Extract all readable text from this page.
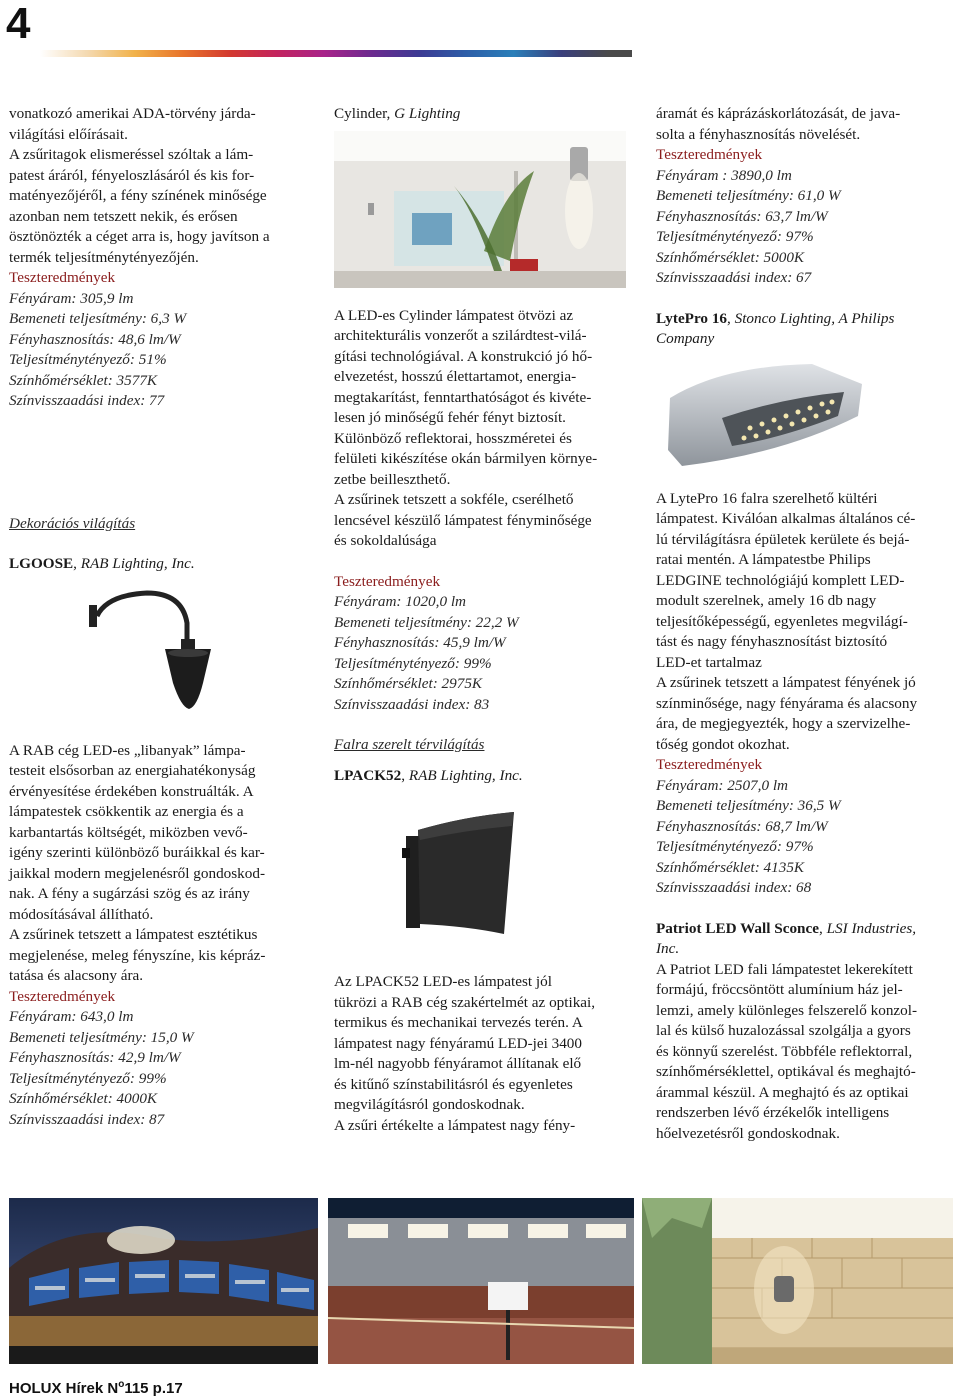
4
vonatkozó amerikai ADA-törvény járda-
világítási előírásait.
A zsűritagok elismeréssel szóltak a lám-
patest áráról, fényeloszlásáról és kis for-
matényezőjéről, a fény színének minősége
azonban nem tetszett nekik, és erősen
ösztönözték a céget arra is, hogy javítson a
termék teljesítménytényezőjén.
Teszteredmények
Fényáram: 305,9 lm
Bemeneti teljesítmény: 6,3 W
Fényhasznosítás: 48,6 lm/W
Teljesítménytényező: 51%
Színhőmérséklet: 3577K
Színvisszaadási index: 77
Dekorációs világítás
LGOOSE, RAB Lighting, Inc.
A RAB cég LED-es „libanyak” lámpa-
testeit elsősorban az energiahatékonyság
érvényesítése érdekében konstruálták. A
lámpatestek csökkentik az energia és a
karbantartás költségét, miközben vevő-
igény szerinti különböző buráikkal és kar-
jaikkal modern megjelenésről gondoskod-
nak. A fény a sugárzási szög és az irány
módosításával állítható.
A zsűrinek tetszett a lámpatest esztétikus
megjelenése, meleg fényszíne, kis képráz-
tatása és alacsony ára.
Teszteredmények
Fényáram: 643,0 lm
Bemeneti teljesítmény: 15,0 W
Fényhasznosítás: 42,9 lm/W
Teljesítménytényező: 99%
Színhőmérséklet: 4000K
Színvisszaadási index: 87
Cylinder, G Lighting
A LED-es Cylinder lámpatest ötvözi az
architekturális vonzerőt a szilárdtest-vilá-
gítási technológiával. A konstrukció jó hő-
elvezetést, hosszú élettartamot, energia-
megtakarítást, fenntarthatóságot és kivéte-
lesen jó minőségű fehér fényt biztosít.
Különböző reflektorai, hosszméretei és
felületi kikészítése okán bármilyen környe-
zetbe beilleszthető.
A zsűrinek tetszett a sokféle, cserélhető
lencsével készülő lámpatest fényminősége
és sokoldalúsága
Teszteredmények
Fényáram: 1020,0 lm
Bemeneti teljesítmény: 22,2 W
Fényhasznosítás: 45,9 lm/W
Teljesítménytényező: 99%
Színhőmérséklet: 2975K
Színvisszaadási index: 83
Falra szerelt térvilágítás
LPACK52, RAB Lighting, Inc.
Az LPACK52 LED-es lámpatest jól
tükrözi a RAB cég szakértelmét az optikai,
termikus és mechanikai tervezés terén. A
lámpatest nagy fényáramú LED-jei 3400
lm-nél nagyobb fényáramot állítanak elő
és kitűnő színstabilitásról és egyenletes
megvilágításról gondoskodnak.
A zsűri értékelte a lámpatest nagy fény-
áramát és káprázáskorlátozását, de java-
solta a fényhasznosítás növelését.
Teszteredmények
Fényáram : 3890,0 lm
Bemeneti teljesítmény: 61,0 W
Fényhasznosítás: 63,7 lm/W
Teljesítménytényező: 97%
Színhőmérséklet: 5000K
Színvisszaadási index: 67
LytePro 16, Stonco Lighting, A Philips
Company
A LytePro 16 falra szerelhető kültéri
lámpatest. Kiválóan alkalmas általános cé-
lú térvilágításra épületek kerülete és bejá-
ratai mentén. A lámpatestbe Philips
LEDGINE technológiájú komplett LED-
modult szerelnek, amely 16 db nagy
teljesítőképességű, egyenletes megvilágí-
tást és nagy fényhasznosítást biztosító
LED-et tartalmaz
A zsűrinek tetszett a lámpatest fényének jó
színminősége, nagy fényárama és alacsony
ára, de megjegyezték, hogy a szervizelhe-
tőség gondot okozhat.
Teszteredmények
Fényáram: 2507,0 lm
Bemeneti teljesítmény: 36,5 W
Fényhasznosítás: 68,7 lm/W
Teljesítménytényező: 97%
Színhőmérséklet: 4135K
Színvisszaadási index: 68
Patriot LED Wall Sconce, LSI Industries,
Inc.
A Patriot LED fali lámpatestet lekerekített
formájú, fröccsöntött alumínium ház jel-
lemzi, amely különleges felszerelő konzol-
lal és külső huzalozással szolgálja a gyors
és könnyű szerelést. Többféle reflektorral,
színhőmérséklettel, optikával és meghajtó-
árammal készül. A meghajtó és az optikai
rendszerben lévő érzékelők intelligens
hőelvezetésről gondoskodnak.
HOLUX Hírek $N^o115$ p.17
